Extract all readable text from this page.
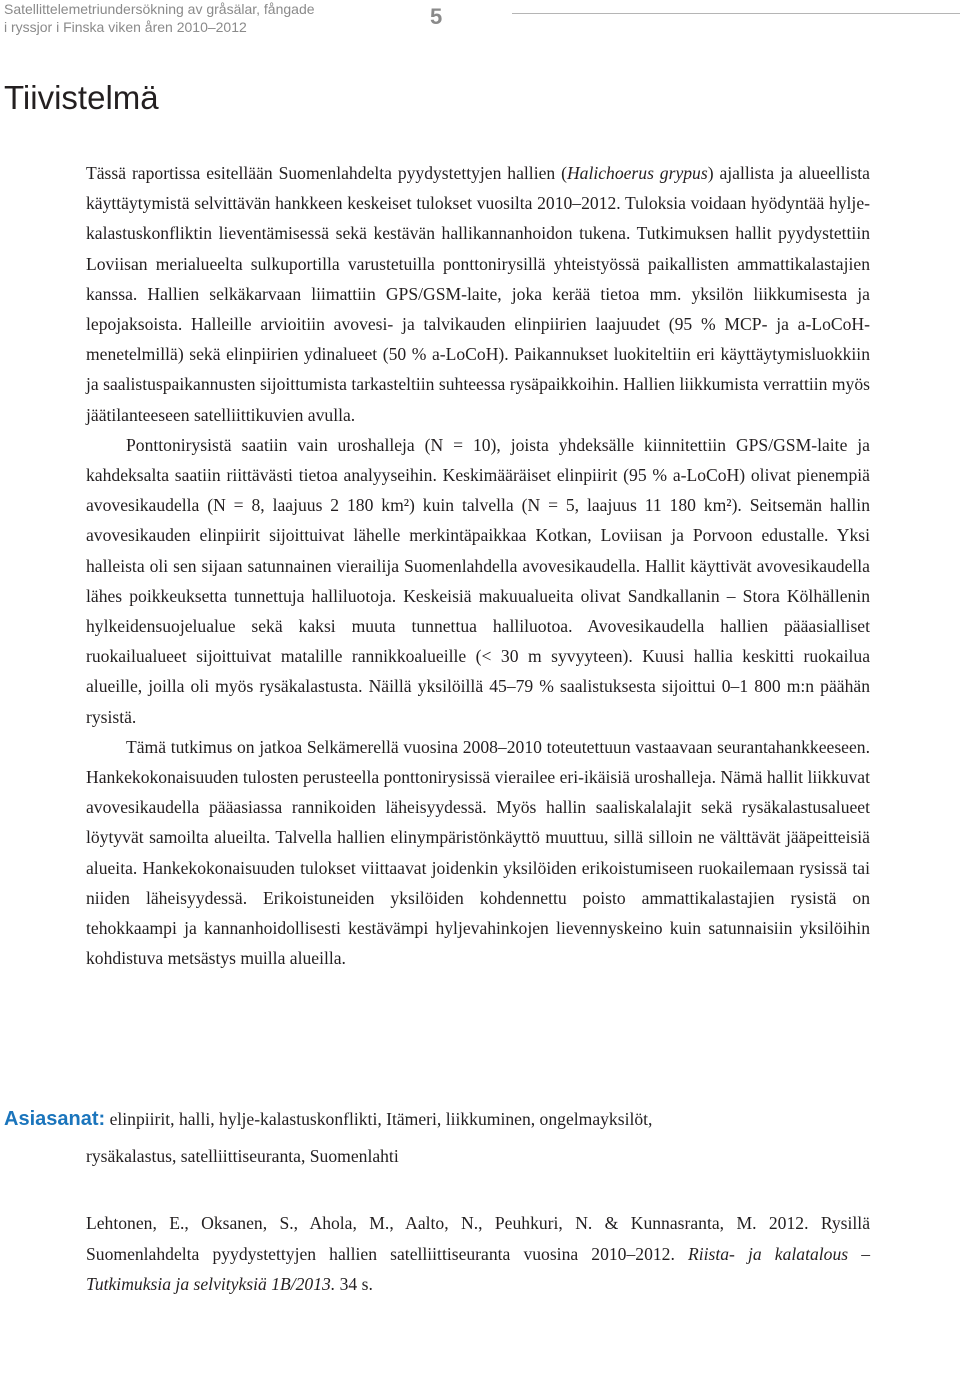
Satellittelemetriundersökning av gråsälar, fångade
i ryssjor i Finska viken åren 2010–2012	5
Tiivistelmä

Tässä raportissa esitellään Suomenlahdelta pyydystettyjen hallien (Halichoerus grypus) ajallista ja alueellista käyttäytymistä selvittävän hankkeen keskeiset tulokset vuosilta 2010–2012. Tuloksia voidaan hyödyntää hylje-kalastuskonfliktin lieventämisessä sekä kestävän hallikannanhoidon tukena. Tutkimuksen hallit pyydystettiin Loviisan merialueelta sulkuportilla varustetuilla ponttonirysillä yhteistyössä paikallisten ammattikalastajien kanssa. Hallien selkäkarvaan liimattiin GPS/GSM-laite, joka kerää tietoa mm. yksilön liikkumisesta ja lepojaksoista. Halleille arvioitiin avovesi- ja talvikauden elinpiirien laajuudet (95 % MCP- ja a-LoCoH-menetelmillä) sekä elinpiirien ydinalueet (50 % a-LoCoH). Paikannukset luokiteltiin eri käyttäytymisluokkiin ja saalistuspaikannusten sijoittumista tarkasteltiin suhteessa rysäpaikkoihin. Hallien liikkumista verrattiin myös jäätilanteeseen satelliittikuvien avulla.

Ponttonirysistä saatiin vain uroshalleja (N = 10), joista yhdeksälle kiinnitettiin GPS/GSM-laite ja kahdeksalta saatiin riittävästi tietoa analyyseihin. Keskimääräiset elinpiirit (95 % a-LoCoH) olivat pienempiä avovesikaudella (N = 8, laajuus 2 180 km²) kuin talvella (N = 5, laajuus 11 180 km²). Seitsemän hallin avovesikauden elinpiirit sijoittuivat lähelle merkintäpaikkaa Kotkan, Loviisan ja Porvoon edustalle. Yksi halleista oli sen sijaan satunnainen vierailija Suomenlahdella avovesikaudella. Hallit käyttivät avovesikaudella lähes poikkeuksetta tunnettuja halliluotoja. Keskeisiä makuualueita olivat Sandkallanin – Stora Kölhällenin hylkeidensuojelualue sekä kaksi muuta tunnettua halliluotoa. Avovesikaudella hallien pääasialliset ruokailualueet sijoittuivat matalille rannikkoalueille (< 30 m syvyyteen). Kuusi hallia keskitti ruokailua alueille, joilla oli myös rysäkalastusta. Näillä yksilöillä 45–79 % saalistuksesta sijoittui 0–1 800 m:n päähän rysistä.

Tämä tutkimus on jatkoa Selkämerellä vuosina 2008–2010 toteutettuun vastaavaan seurantahankkeeseen. Hankekokonaisuuden tulosten perusteella ponttonirysissä vierailee eri-ikäisiä uroshalleja. Nämä hallit liikkuvat avovesikaudella pääasiassa rannikoiden läheisyydessä. Myös hallin saaliskalalajit sekä rysäkalastusalueet löytyvät samoilta alueilta. Talvella hallien elinympäristönkäyttö muuttuu, sillä silloin ne välttävät jääpeitteisiä alueita. Hankekokonaisuuden tulokset viittaavat joidenkin yksilöiden erikoistumiseen ruokailemaan rysissä tai niiden läheisyydessä. Erikoistuneiden yksilöiden kohdennettu poisto ammattikalastajien rysistä on tehokkaampi ja kannanhoidollisesti kestävämpi hyljevahinkojen lievennyskeino kuin satunnaisiin yksilöihin kohdistuva metsästys muilla alueilla.

Asiasanat: elinpiirit, halli, hylje-kalastuskonflikti, Itämeri, liikkuminen, ongelmayksilöt,
rysäkalastus, satelliittiseuranta, Suomenlahti

Lehtonen, E., Oksanen, S., Ahola, M., Aalto, N., Peuhkuri, N. & Kunnasranta, M. 2012. Rysillä Suomenlahdelta pyydystettyjen hallien satelliittiseuranta vuosina 2010–2012. Riista- ja kalatalous – Tutkimuksia ja selvityksiä 1B/2013. 34 s.
